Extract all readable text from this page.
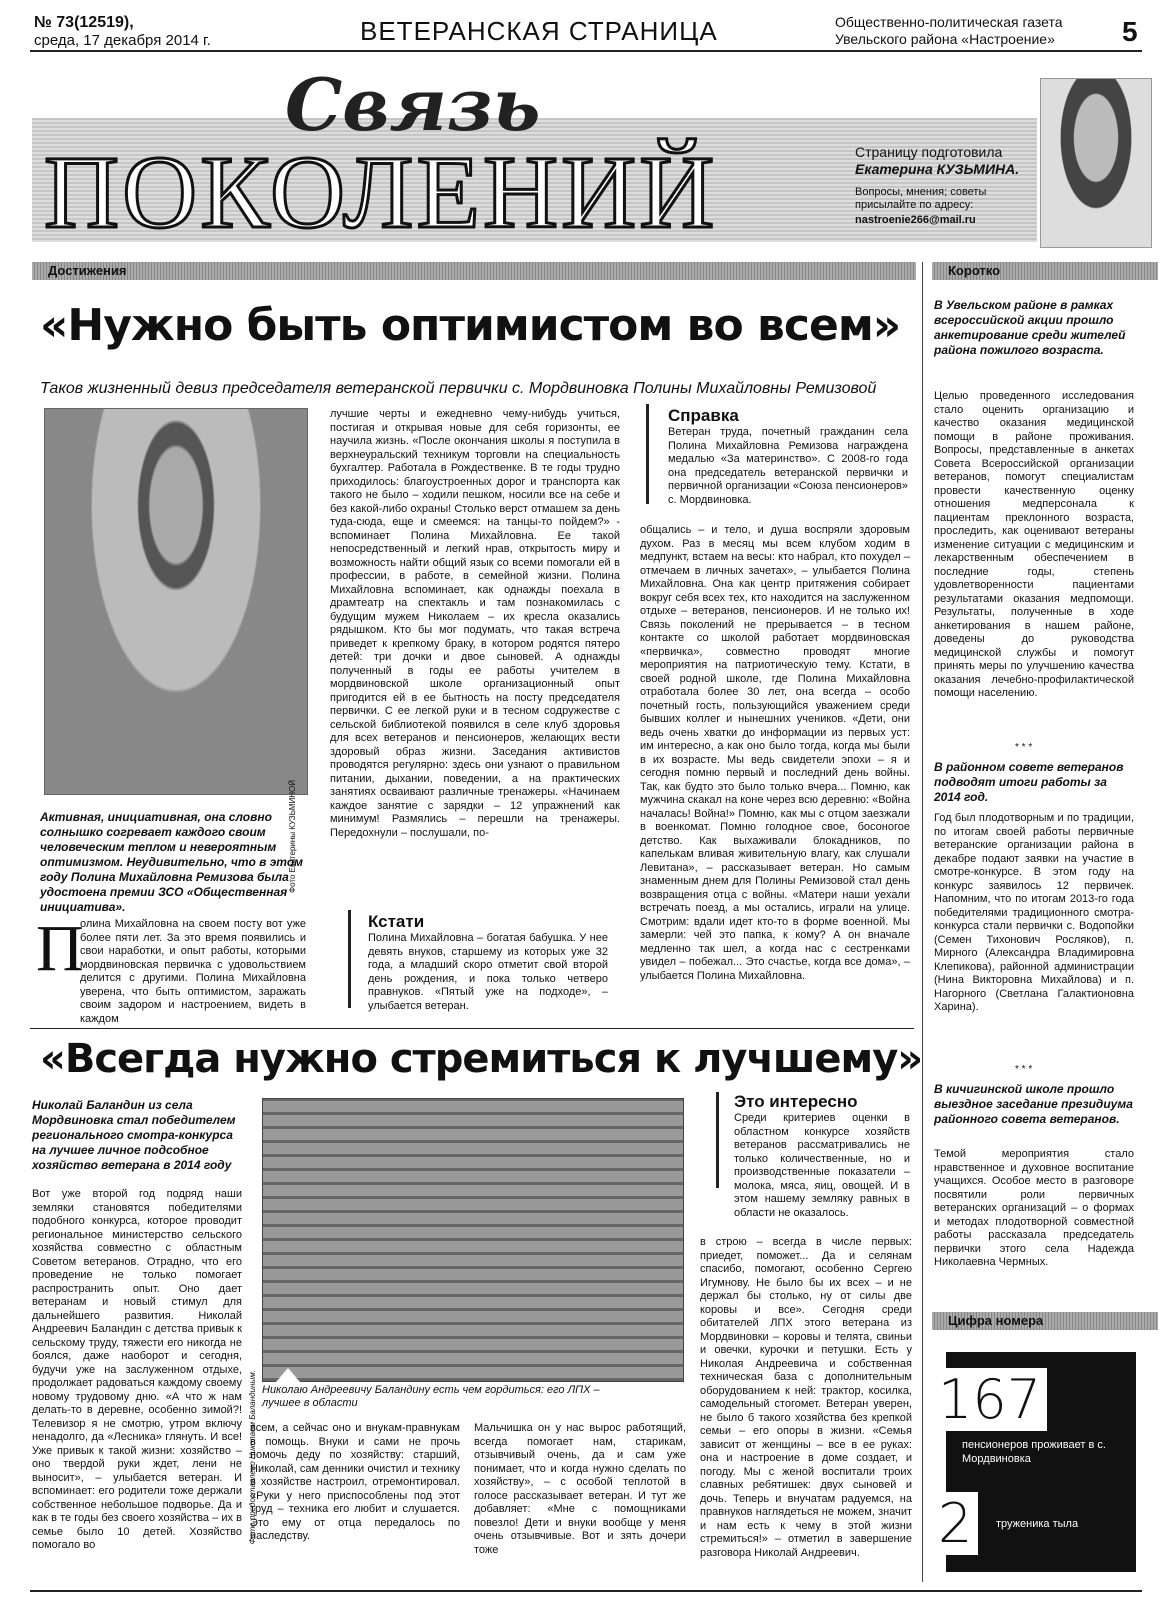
№ 73(12519),
среда, 17 декабря 2014 г.	ВЕТЕРАНСКАЯ СТРАНИЦА	Общественно-политическая газета
Увельского района «Настроение» 5
Связь
ПОКОЛЕНИЙ	Страницу подготовила
Екатерина КУЗЬМИНА.
Вопросы, мнения; советы присылайте по адресу:
nastroenie266@mail.ru
Достижения	Коротко
«Нужно быть оптимистом во всем»
Таков жизненный девиз председателя ветеранской первички с. Мордвиновка Полины Михайловны Ремизовой
Фото Екатерины КУЗЬМИНОЙ
Активная, инициативная, она словно солнышко согревает каждого своим человеческим теплом и невероятным оптимизмом. Неудивительно, что в этом году Полина Михайловна Ремизова была удостоена премии ЗСО «Общественная инициатива».
П
олина Михайловна на своем посту вот уже более пяти лет. За это время появились и свои наработки, и опыт работы, которыми мордвиновская первичка с удовольствием делится с другими. Полина Михайловна уверена, что быть оптимистом, заражать своим задором и настроением, видеть в каждом
лучшие черты и ежедневно чему-нибудь учиться, постигая и открывая новые для себя горизонты, ее научила жизнь. «После окончания школы я поступила в верхнеуральский техникум торговли на специальность бухгалтер. Работала в Рождественке. В те годы трудно приходилось: благоустроенных дорог и транспорта как такого не было – ходили пешком, носили все на себе и без какой-либо охраны! Столько верст отмашем за день туда-сюда, еще и смеемся: на танцы-то пойдем?» - вспоминает Полина Михайловна. Ее такой непосредственный и легкий нрав, открытость миру и возможность найти общий язык со всеми помогали ей в профессии, в работе, в семейной жизни. Полина Михайловна вспоминает, как однажды поехала в драмтеатр на спектакль и там познакомилась с будущим мужем Николаем – их кресла оказались рядышком. Кто бы мог подумать, что такая встреча приведет к крепкому браку, в котором родятся пятеро детей: три дочки и двое сыновей. А однажды полученный в годы ее работы учителем в мордвиновской школе организационный опыт пригодится ей в ее бытность на посту председателя первички. С ее легкой руки и в тесном содружестве с сельской библиотекой появился в селе клуб здоровья для всех ветеранов и пенсионеров, желающих вести здоровый образ жизни. Заседания активистов проводятся регулярно: здесь они узнают о правильном питании, дыхании, поведении, а на практических занятиях осваивают различные тренажеры. «Начинаем каждое занятие с зарядки – 12 упражнений как минимум! Размялись – перешли на тренажеры. Передохнули – послушали, по-
Справка
Ветеран труда, почетный гражданин села Полина Михайловна Ремизова награждена медалью «За материнство». С 2008-го года она председатель ветеранской первички и первичной организации «Союза пенсионеров» с. Мордвиновка.
общались – и тело, и душа воспряли здоровым духом. Раз в месяц мы всем клубом ходим в медпункт, встаем на весы: кто набрал, кто похудел – отмечаем в личных зачетах», – улыбается Полина Михайловна. Она как центр притяжения собирает вокруг себя всех тех, кто находится на заслуженном отдыхе – ветеранов, пенсионеров. И не только их! Связь поколений не прерывается – в тесном контакте со школой работает мордвиновская «первичка», совместно проводят многие мероприятия на патриотическую тему. Кстати, в своей родной школе, где Полина Михайловна отработала более 30 лет, она всегда – особо почетный гость, пользующийся уважением среди бывших коллег и нынешних учеников. «Дети, они ведь очень хватки до информации из первых уст: им интересно, а как оно было тогда, когда мы были в их возрасте. Мы ведь свидетели эпохи – я и сегодня помню первый и последний день войны. Так, как будто это было только вчера... Помню, как мужчина скакал на коне через всю деревню: «Война началась! Война!» Помню, как мы с отцом заезжали в военкомат. Помню голодное свое, босоногое детство. Как выхаживали блокадников, по капелькам вливая живительную влагу, как слушали Левитана», – рассказывает ветеран. Но самым знаменным днем для Полины Ремизовой стал день возвращения отца с войны. «Матери наши уехали встречать поезд, а мы остались, играли на улице. Смотрим: вдали идет кто-то в форме военной. Мы замерли: чей это папка, к кому? А он вначале медленно так шел, а когда нас с сестренками увидел – побежал... Это счастье, когда все дома», – улыбается Полина Михайловна.
Кстати
Полина Михайловна – богатая бабушка. У нее девять внуков, старшему из которых уже 32 года, а младший скоро отметит свой второй день рождения, и пока только четверо правнуков. «Пятый уже на подходе», – улыбается ветеран.
«Всегда нужно стремиться к лучшему»
Николай Баландин из села Мордвиновка стал победителем регионального смотра-конкурса на лучшее личное подсобное хозяйство ветерана в 2014 году
Вот уже второй год подряд наши земляки становятся победителями подобного конкурса, которое проводит региональное министерство сельского хозяйства совместно с областным Советом ветеранов. Отрадно, что его проведение не только помогает распространить опыт. Оно дает ветеранам и новый стимул для дальнейшего развития. Николай Андреевич Баландин с детства привык к сельскому труду, тяжести его никогда не боялся, даже наоборот и сегодня, будучи уже на заслуженном отдыхе, продолжает радоваться каждому своему новому трудовому дню. «А что ж нам делать-то в деревне, особенно зимой?! Телевизор я не смотрю, утром включу ненадолго, да «Лесника» глянуть. И все! Уже привык к такой жизни: хозяйство – оно твердой руки ждет, лени не выносит», – улыбается ветеран. И вспоминает: его родители тоже держали собственное небольшое подворье. Да и как в те годы без своего хозяйства – их в семье было 10 детей. Хозяйство помогало во
Фото предоставлено Николаем Баландиным. Николаю Андреевичу Баландину есть чем гордиться: его ЛПХ – лучшее в области
всем, а сейчас оно и внукам-правнукам в помощь. Внуки и сами не прочь помочь деду по хозяйству: старший, Николай, сам денники очистил и технику в хозяйстве настроил, отремонтировал. «Руки у него приспособлены под этот труд – техника его любит и слушается. Это ему от отца передалось по наследству.
Мальчишка он у нас вырос работящий, всегда помогает нам, старикам, отзывчивый очень, да и сам уже понимает, что и когда нужно сделать по хозяйству», – с особой теплотой в голосе рассказывает ветеран. И тут же добавляет: «Мне с помощниками повезло! Дети и внуки вообще у меня очень отзывчивые. Вот и зять дочери тоже
Это интересно
Среди критериев оценки в областном конкурсе хозяйств ветеранов рассматривались не только количественные, но и производственные показатели – молока, мяса, яиц, овощей. И в этом нашему земляку равных в области не оказалось.
в строю – всегда в числе первых: приедет, поможет... Да и селянам спасибо, помогают, особенно Сергею Игумнову. Не было бы их всех – и не держал бы столько, ну от силы две коровы и все». Сегодня среди обитателей ЛПХ этого ветерана из Мордвиновки – коровы и телята, свиньи и овечки, курочки и петушки. Есть у Николая Андреевича и собственная техническая база с дополнительным оборудованием к ней: трактор, косилка, самодельный стогомет. Ветеран уверен, не было б такого хозяйства без крепкой семьи – его опоры в жизни. «Семья зависит от женщины – все в ее руках: она и настроение в доме создает, и погоду. Мы с женой воспитали троих славных ребятишек: двух сыновей и дочь. Теперь и внучатам радуемся, на правнуков наглядеться не можем, значит и нам есть к чему в этой жизни стремиться!» – отметил в завершение разговора Николай Андреевич.
В Увельском районе в рамках всероссийской акции прошло анкетирование среди жителей района пожилого возраста.
Целью проведенного исследования стало оценить организацию и качество оказания медицинской помощи в районе проживания. Вопросы, представленные в анкетах Совета Всероссийской организации ветеранов, помогут специалистам провести качественную оценку отношения медперсонала к пациентам преклонного возраста, проследить, как оценивают ветераны изменение ситуации с медицинским и лекарственным обеспечением в последние годы, степень удовлетворенности пациентами результатами оказания медпомощи. Результаты, полученные в ходе анкетирования в нашем районе, доведены до руководства медицинской службы и помогут принять меры по улучшению качества оказания лечебно-профилактической помощи населению.
* * *
В районном совете ветеранов подводят итоги работы за 2014 год.
Год был плодотворным и по традиции, по итогам своей работы первичные ветеранские организации района в декабре подают заявки на участие в смотре-конкурсе. В этом году на конкурс заявилось 12 первичек. Напомним, что по итогам 2013-го года победителями традиционного смотра-конкурса стали первички с. Водопойки (Семен Тихонович Росляков), п. Мирного (Александра Владимировна Клепикова), районной администрации (Нина Викторовна Михайлова) и п. Нагорного (Светлана Галактионовна Харина).
* * *
В кичигинской школе прошло выездное заседание президиума районного совета ветеранов.
Темой мероприятия стало нравственное и духовное воспитание учащихся. Особое место в разговоре посвятили роли первичных ветеранских организаций – о формах и методах плодотворной совместной работы рассказала председатель первички этого села Надежда Николаевна Чермных.
Цифра номера
167
пенсионеров проживает в с. Мордвиновка
2	труженика тыла
